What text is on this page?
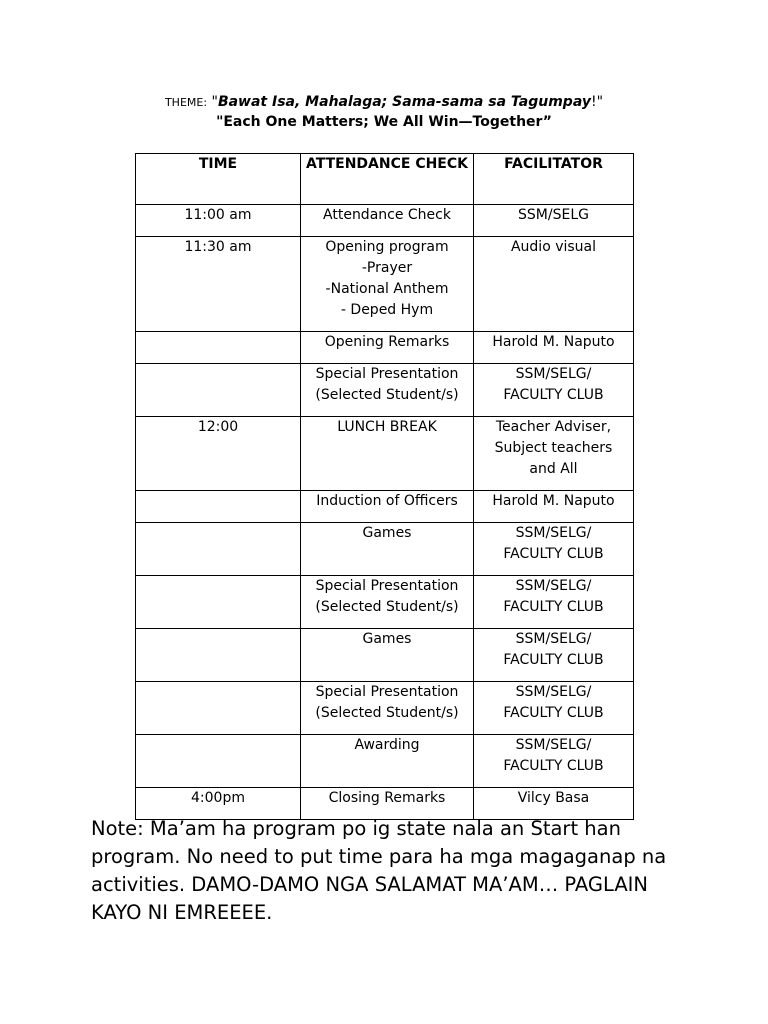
THEME: "Bawat Isa, Mahalaga; Sama-sama sa Tagumpay!"
"Each One Matters; We All Win—Together”
TIME	ATTENDANCE CHECK	FACILITATOR
11:00 am	Attendance Check	SSM/SELG
11:30 am	Opening program
-Prayer
-National Anthem
- Deped Hym	Audio visual
	Opening Remarks	Harold M. Naputo
	Special Presentation
(Selected Student/s)	SSM/SELG/
FACULTY CLUB
12:00	LUNCH BREAK	Teacher Adviser,
Subject teachers
and All
	Induction of Officers	Harold M. Naputo
	Games	SSM/SELG/
FACULTY CLUB
	Special Presentation
(Selected Student/s)	SSM/SELG/
FACULTY CLUB
	Games	SSM/SELG/
FACULTY CLUB
	Special Presentation
(Selected Student/s)	SSM/SELG/
FACULTY CLUB
	Awarding	SSM/SELG/
FACULTY CLUB
4:00pm	Closing Remarks	Vilcy Basa
Note: Ma’am ha program po ig state nala an Start han program. No need to put time para ha mga magaganap na activities. DAMO-DAMO NGA SALAMAT MA’AM… PAGLAIN KAYO NI EMREEEE.
